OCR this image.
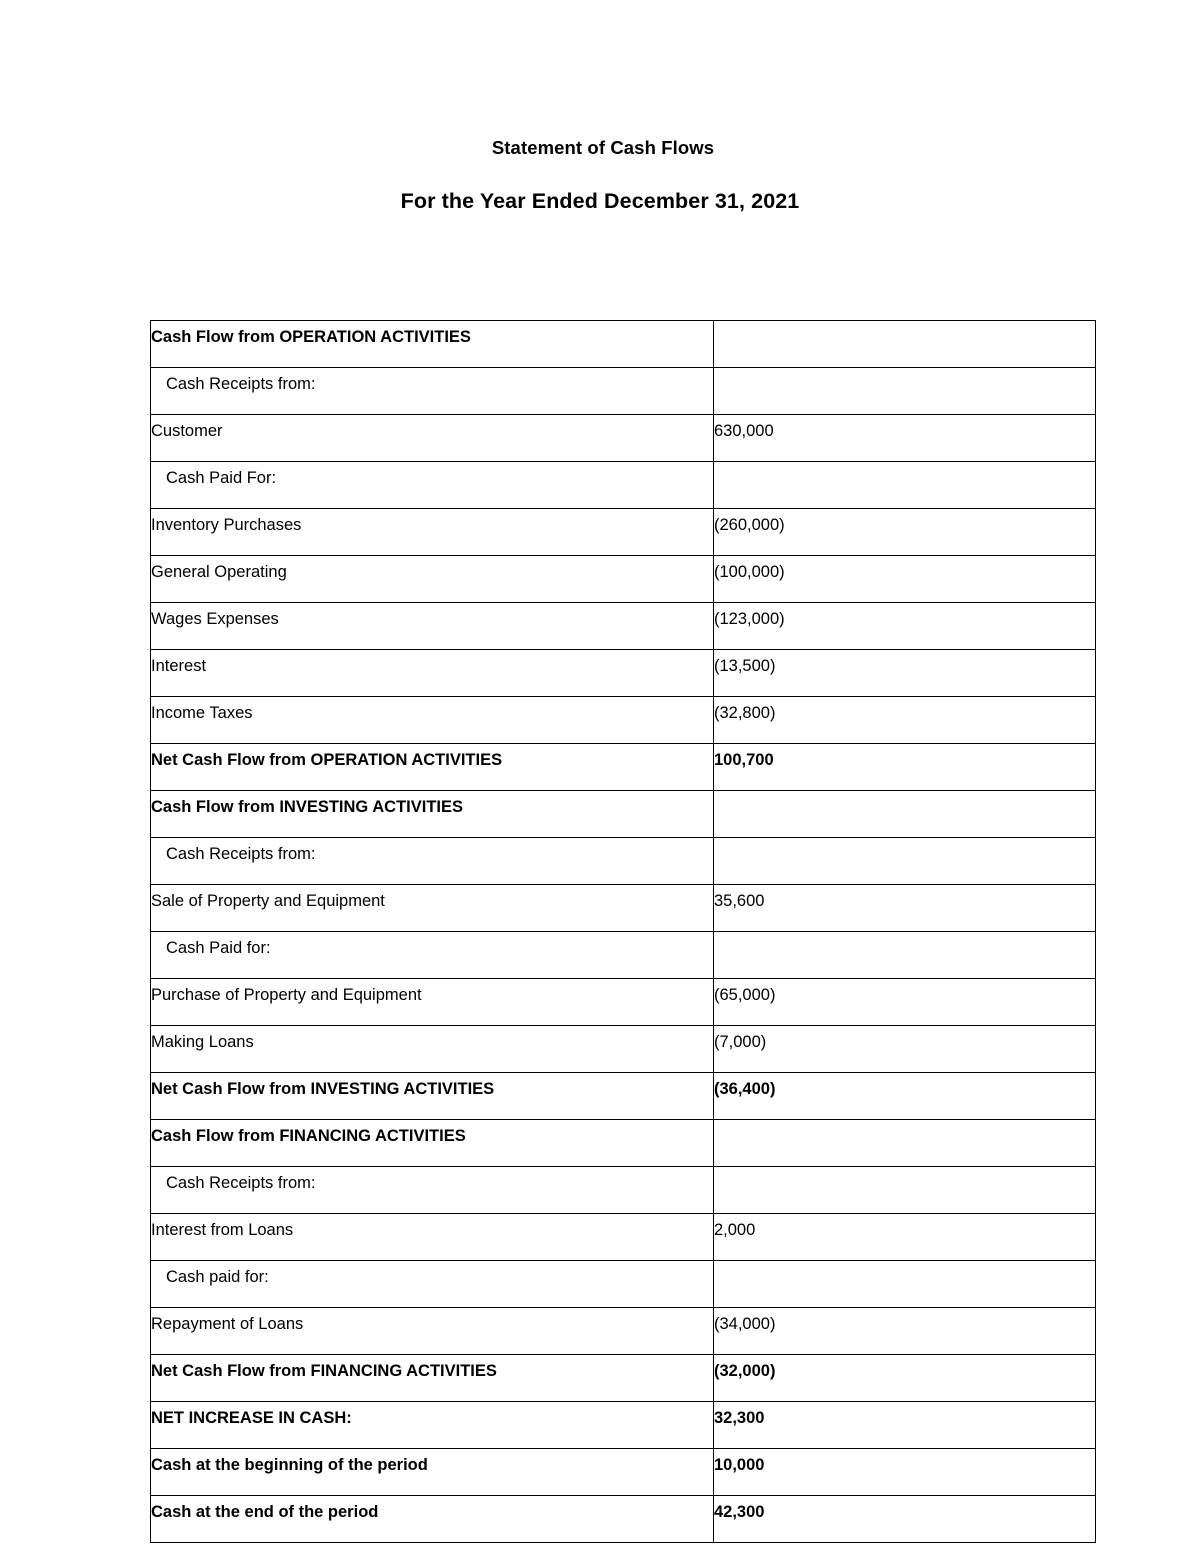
Statement of Cash Flows
For the Year Ended December 31, 2021
Cash Flow from OPERATION ACTIVITIES	
Cash Receipts from:	
Customer	630,000
Cash Paid For:	
Inventory Purchases	(260,000)
General Operating	(100,000)
Wages Expenses	(123,000)
Interest	(13,500)
Income Taxes	(32,800)
Net Cash Flow from OPERATION ACTIVITIES	100,700
Cash Flow from INVESTING ACTIVITIES	
Cash Receipts from:	
Sale of Property and Equipment	35,600
Cash Paid for:	
Purchase of Property and Equipment	(65,000)
Making Loans	(7,000)
Net Cash Flow from INVESTING ACTIVITIES	(36,400)
Cash Flow from FINANCING ACTIVITIES	
Cash Receipts from:	
Interest from Loans	2,000
Cash paid for:	
Repayment of Loans	(34,000)
Net Cash Flow from FINANCING ACTIVITIES	(32,000)
NET INCREASE IN CASH:	32,300
Cash at the beginning of the period	10,000
Cash at the end of the period	42,300
